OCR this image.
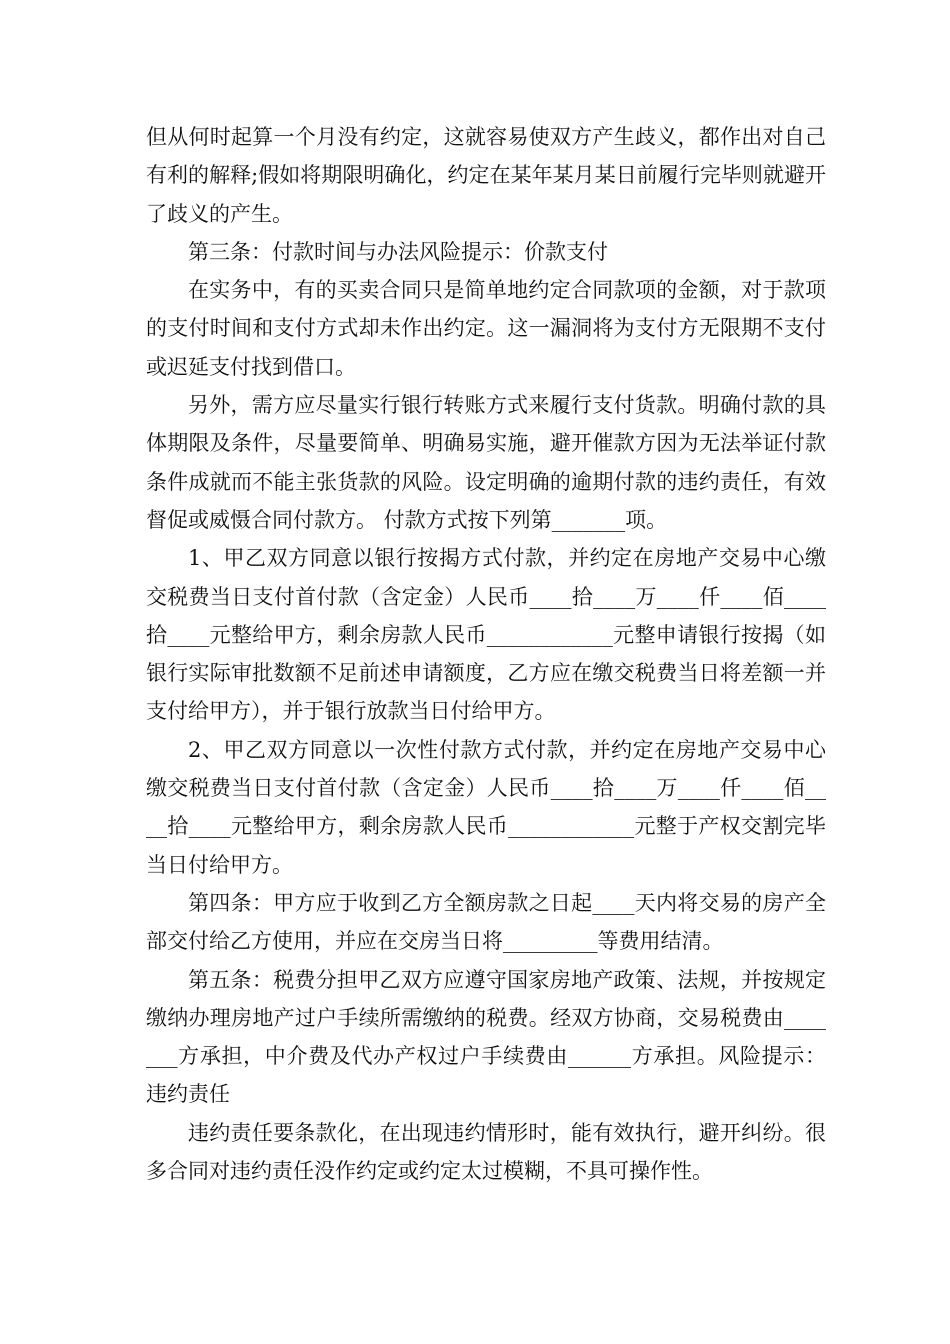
但从何时起算一个月没有约定，这就容易使双方产生歧义，都作出对自己有利的解释;假如将期限明确化，约定在某年某月某日前履行完毕则就避开了歧义的产生。

第三条：付款时间与办法风险提示：价款支付

在实务中，有的买卖合同只是简单地约定合同款项的金额，对于款项的支付时间和支付方式却未作出约定。这一漏洞将为支付方无限期不支付或迟延支付找到借口。

另外，需方应尽量实行银行转账方式来履行支付货款。明确付款的具体期限及条件，尽量要简单、明确易实施，避开催款方因为无法举证付款条件成就而不能主张货款的风险。设定明确的逾期付款的违约责任，有效督促或威慑合同付款方。 付款方式按下列第_______项。

1、甲乙双方同意以银行按揭方式付款，并约定在房地产交易中心缴交税费当日支付首付款（含定金）人民币____拾____万____仟____佰____拾____元整给甲方，剩余房款人民币____________元整申请银行按揭（如银行实际审批数额不足前述申请额度，乙方应在缴交税费当日将差额一并支付给甲方），并于银行放款当日付给甲方。

2、甲乙双方同意以一次性付款方式付款，并约定在房地产交易中心缴交税费当日支付首付款（含定金）人民币____拾____万____仟____佰____拾____元整给甲方，剩余房款人民币____________元整于产权交割完毕当日付给甲方。

第四条：甲方应于收到乙方全额房款之日起____天内将交易的房产全部交付给乙方使用，并应在交房当日将_________等费用结清。

第五条：税费分担甲乙双方应遵守国家房地产政策、法规，并按规定缴纳办理房地产过户手续所需缴纳的税费。经双方协商，交易税费由_______方承担，中介费及代办产权过户手续费由______方承担。风险提示： 违约责任

违约责任要条款化，在出现违约情形时，能有效执行，避开纠纷。很多合同对违约责任没作约定或约定太过模糊，不具可操作性。
